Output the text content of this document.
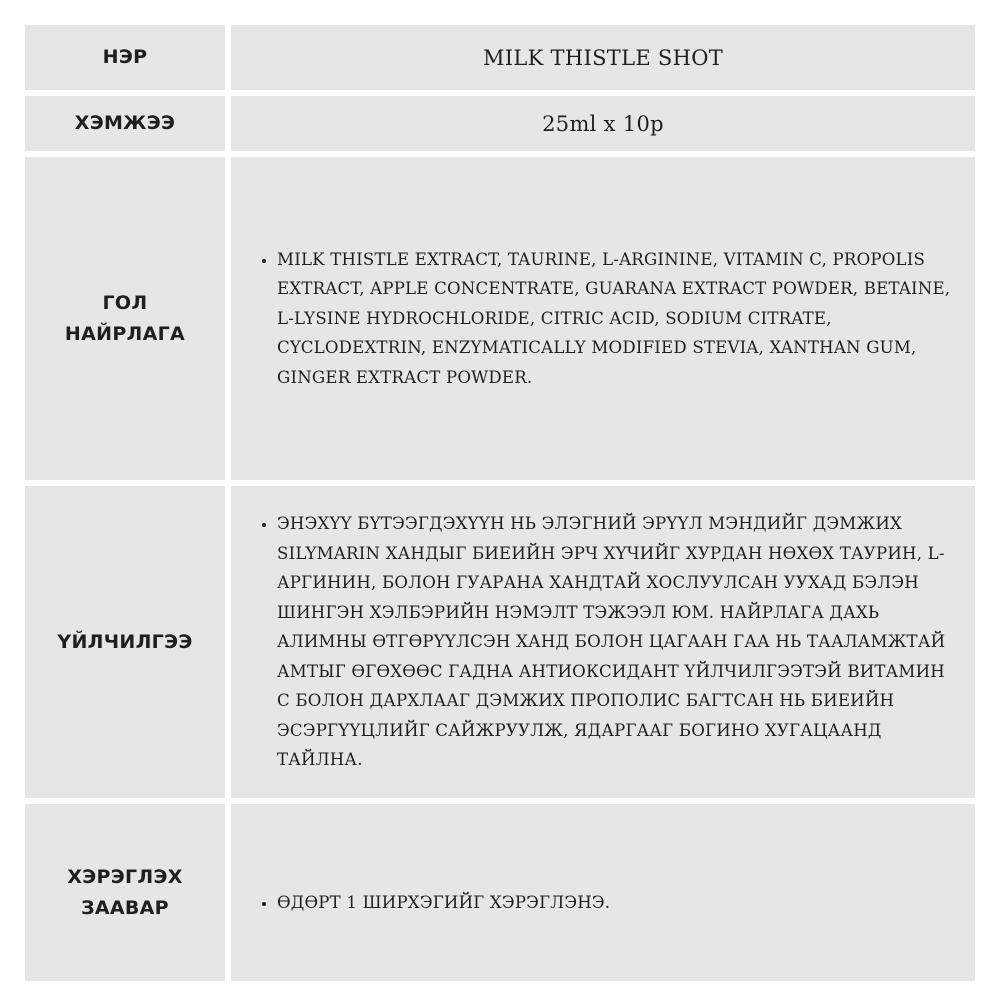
НЭР	MILK THISTLE SHOT
ХЭМЖЭЭ	25ml x 10p
ГОЛ НАЙРЛАГА
• MILK THISTLE EXTRACT, TAURINE, L-ARGININE, VITAMIN C, PROPOLIS EXTRACT, APPLE CONCENTRATE, GUARANA EXTRACT POWDER, BETAINE, L-LYSINE HYDROCHLORIDE, CITRIC ACID, SODIUM CITRATE, CYCLODEXTRIN, ENZYMATICALLY MODIFIED STEVIA, XANTHAN GUM, GINGER EXTRACT POWDER.
ҮЙЛЧИЛГЭЭ
• ЭНЭХҮҮ БҮТЭЭГДЭХҮҮН НЬ ЭЛЭГНИЙ ЭРҮҮЛ МЭНДИЙГ ДЭМЖИХ SILYMARIN ХАНДЫГ БИЕИЙН ЭРЧ ХҮЧИЙГ ХУРДАН НӨХӨХ ТАУРИН, L-АРГИНИН, БОЛОН ГУАРАНА ХАНДТАЙ ХОСЛУУЛСАН УУХАД БЭЛЭН ШИНГЭН ХЭЛБЭРИЙН НЭМЭЛТ ТЭЖЭЭЛ ЮМ. НАЙРЛАГА ДАХЬ АЛИМНЫ ӨТГӨРҮҮЛСЭН ХАНД БОЛОН ЦАГААН ГАА НЬ ТААЛАМЖТАЙ АМТЫГ ӨГӨХӨӨС ГАДНА АНТИОКСИДАНТ ҮЙЛЧИЛГЭЭТЭЙ ВИТАМИН С БОЛОН ДАРХЛААГ ДЭМЖИХ ПРОПОЛИС БАГТСАН НЬ БИЕИЙН ЭСЭРГҮҮЦЛИЙГ САЙЖРУУЛЖ, ЯДАРГААГ БОГИНО ХУГАЦААНД ТАЙЛНА.
ХЭРЭГЛЭХ ЗААВАР
•	ӨДӨРТ 1 ШИРХЭГИЙГ ХЭРЭГЛЭНЭ.
